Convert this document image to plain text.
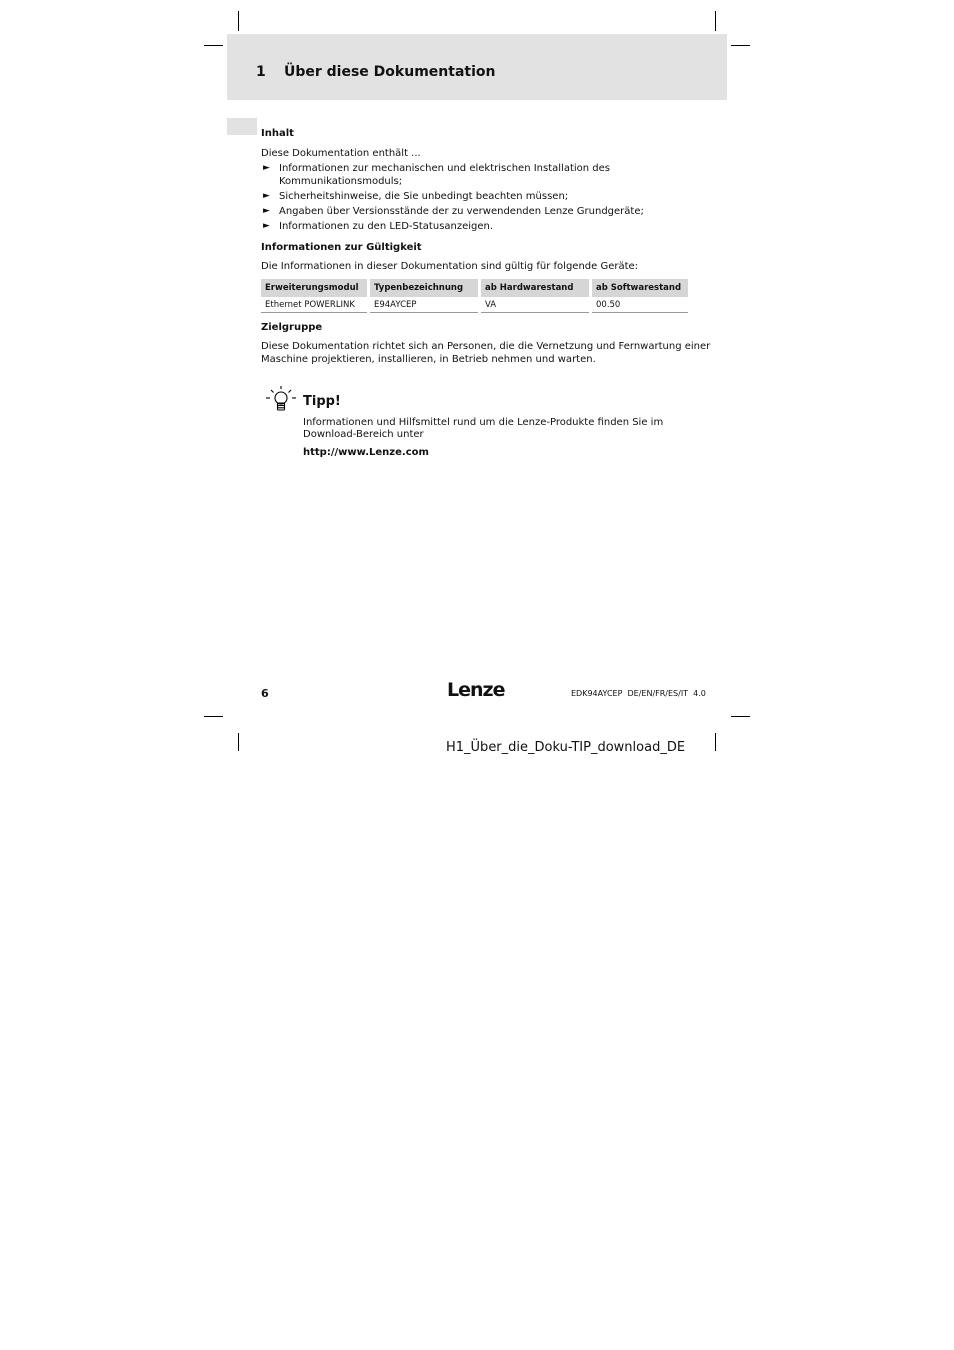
1 Über diese Dokumentation
Inhalt
Diese Dokumentation enthält ...
► Informationen zur mechanischen und elektrischen Installation des
Kommunikationsmoduls;
► Sicherheitshinweise, die Sie unbedingt beachten müssen;
► Angaben über Versionsstände der zu verwendenden Lenze Grundgeräte;
► Informationen zu den LED-Statusanzeigen.
Informationen zur Gültigkeit
Die Informationen in dieser Dokumentation sind gültig für folgende Geräte:
Erweiterungsmodul	Typenbezeichnung	ab Hardwarestand	ab Softwarestand
Ethernet POWERLINK	E94AYCEP	VA	00.50
Zielgruppe
Diese Dokumentation richtet sich an Personen, die die Vernetzung und Fernwartung einer
Maschine projektieren, installieren, in Betrieb nehmen und warten.
Tipp!
Informationen und Hilfsmittel rund um die Lenze-Produkte finden Sie im
Download-Bereich unter
http://www.Lenze.com
6	Lenze	EDK94AYCEP  DE/EN/FR/ES/IT  4.0
H1_Über_die_Doku-TIP_download_DE
